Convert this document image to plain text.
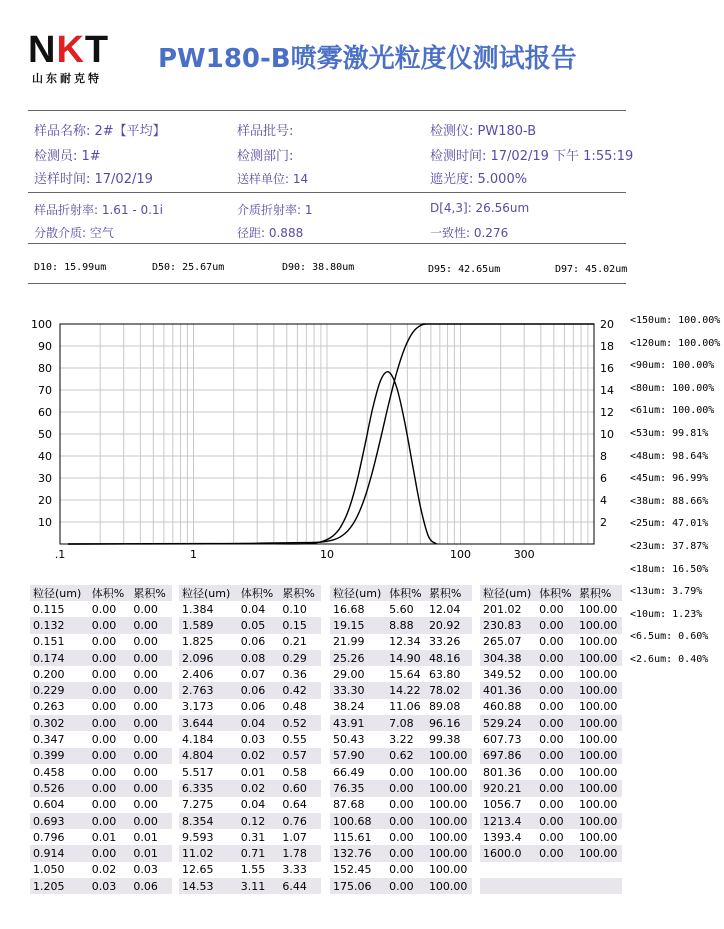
NKT
山东耐克特
PW180-B喷雾激光粒度仪测试报告
样品名称: 2#【平均】	样品批号:	检测仪: PW180-B
检测员: 1#	检测部门:	检测时间: 17/02/19 下午 1:55:19
送样时间: 17/02/19	送样单位: 14	遮光度: 5.000%
样品折射率: 1.61 - 0.1i	介质折射率: 1	D[4,3]: 26.56um
分散介质: 空气	径距: 0.888	一致性: 0.276
D10: 15.99um	D50: 25.67um	D90: 38.80um	D95: 42.65um	D97: 45.02um
10
20
30
40
50
60
70
80
90
100
2
4
6
8
10
12
14
16
18
20
.1	1	10	100	300
<150um: 100.00%
<120um: 100.00%
<90um: 100.00%
<80um: 100.00%
<61um: 100.00%
<53um: 99.81%
<48um: 98.64%
<45um: 96.99%
<38um: 88.66%
<25um: 47.01%
<23um: 37.87%
<18um: 16.50%
<13um: 3.79%
<10um: 1.23%
<6.5um: 0.60%
<2.6um: 0.40%
粒径(um)	体积%	累积%
0.115	0.00	0.00
0.132	0.00	0.00
0.151	0.00	0.00
0.174	0.00	0.00
0.200	0.00	0.00
0.229	0.00	0.00
0.263	0.00	0.00
0.302	0.00	0.00
0.347	0.00	0.00
0.399	0.00	0.00
0.458	0.00	0.00
0.526	0.00	0.00
0.604	0.00	0.00
0.693	0.00	0.00
0.796	0.01	0.01
0.914	0.00	0.01
1.050	0.02	0.03
1.205	0.03	0.06
粒径(um)	体积%	累积%
1.384	0.04	0.10
1.589	0.05	0.15
1.825	0.06	0.21
2.096	0.08	0.29
2.406	0.07	0.36
2.763	0.06	0.42
3.173	0.06	0.48
3.644	0.04	0.52
4.184	0.03	0.55
4.804	0.02	0.57
5.517	0.01	0.58
6.335	0.02	0.60
7.275	0.04	0.64
8.354	0.12	0.76
9.593	0.31	1.07
11.02	0.71	1.78
12.65	1.55	3.33
14.53	3.11	6.44
粒径(um)	体积%	累积%
16.68	5.60	12.04
19.15	8.88	20.92
21.99	12.34	33.26
25.26	14.90	48.16
29.00	15.64	63.80
33.30	14.22	78.02
38.24	11.06	89.08
43.91	7.08	96.16
50.43	3.22	99.38
57.90	0.62	100.00
66.49	0.00	100.00
76.35	0.00	100.00
87.68	0.00	100.00
100.68	0.00	100.00
115.61	0.00	100.00
132.76	0.00	100.00
152.45	0.00	100.00
175.06	0.00	100.00
粒径(um)	体积%	累积%
201.02	0.00	100.00
230.83	0.00	100.00
265.07	0.00	100.00
304.38	0.00	100.00
349.52	0.00	100.00
401.36	0.00	100.00
460.88	0.00	100.00
529.24	0.00	100.00
607.73	0.00	100.00
697.86	0.00	100.00
801.36	0.00	100.00
920.21	0.00	100.00
1056.7	0.00	100.00
1213.4	0.00	100.00
1393.4	0.00	100.00
1600.0	0.00	100.00
